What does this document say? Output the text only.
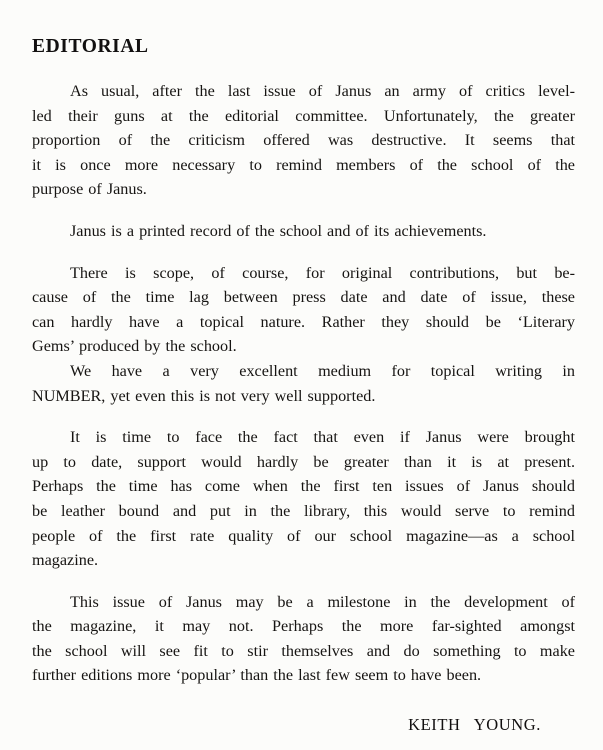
EDITORIAL
As usual, after the last issue of Janus an army of critics level-
led their guns at the editorial committee. Unfortunately, the greater
proportion of the criticism offered was destructive. It seems that
it is once more necessary to remind members of the school of the
purpose of Janus.
Janus is a printed record of the school and of its achievements.
There is scope, of course, for original contributions, but be-
cause of the time lag between press date and date of issue, these
can hardly have a topical nature. Rather they should be ‘Literary
Gems’ produced by the school.
We have a very excellent medium for topical writing in
NUMBER, yet even this is not very well supported.
It is time to face the fact that even if Janus were brought
up to date, support would hardly be greater than it is at present.
Perhaps the time has come when the first ten issues of Janus should
be leather bound and put in the library, this would serve to remind
people of the first rate quality of our school magazine—as a school
magazine.
This issue of Janus may be a milestone in the development of
the magazine, it may not. Perhaps the more far-sighted amongst
the school will see fit to stir themselves and do something to make
further editions more ‘popular’ than the last few seem to have been.
KEITH YOUNG.
